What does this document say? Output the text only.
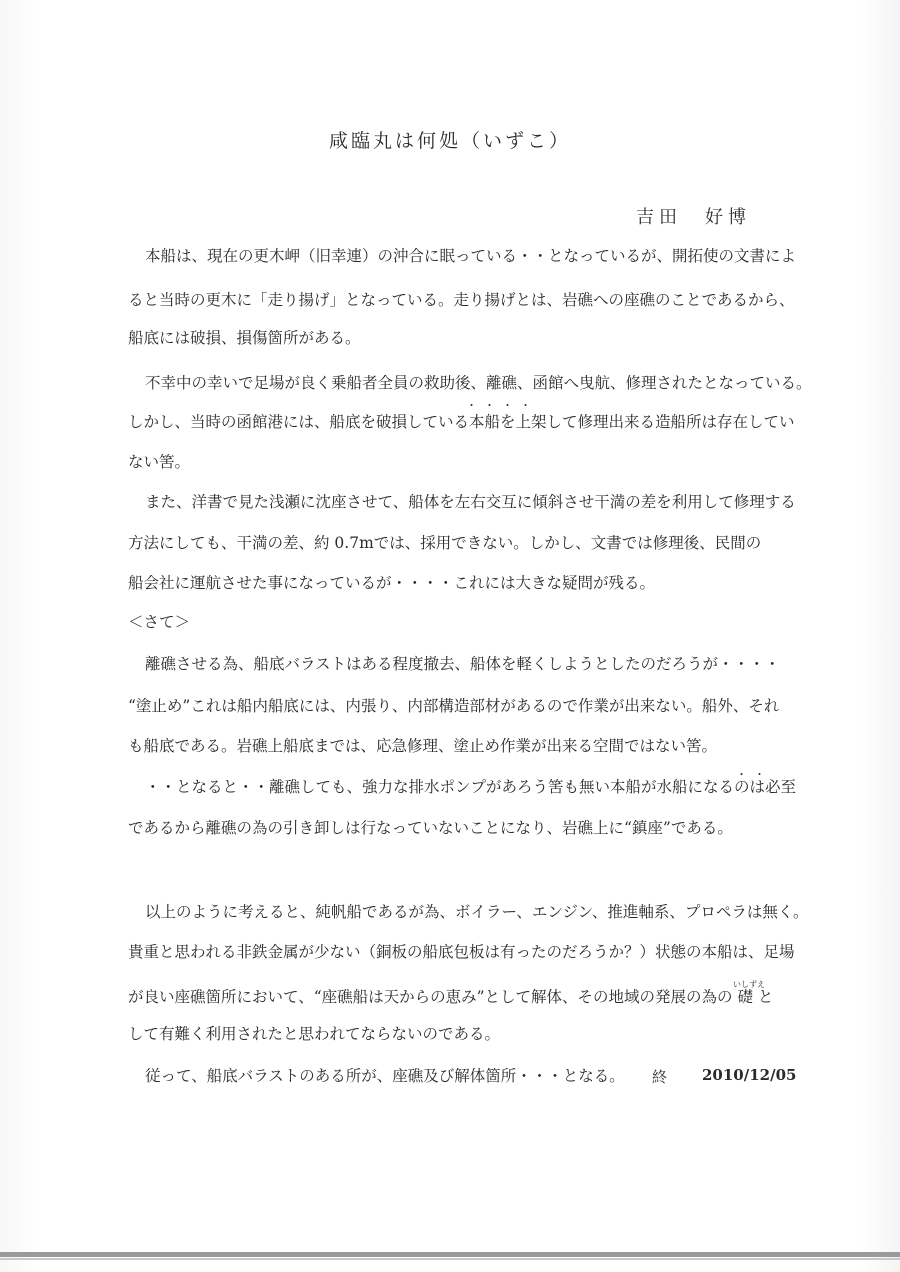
咸臨丸は何処（いずこ）
吉田　好博
本船は、現在の更木岬（旧幸連）の沖合に眠っている・・となっているが、開拓使の文書によ
ると当時の更木に「走り揚げ」となっている。走り揚げとは、岩礁への座礁のことであるから、
船底には破損、損傷箇所がある。
不幸中の幸いで足場が良く乗船者全員の救助後、離礁、函館へ曳航、修理されたとなっている。
・・・・
しかし、当時の函館港には、船底を破損している本船を上架して修理出来る造船所は存在してい
ない筈。
また、洋書で見た浅瀬に沈座させて、船体を左右交互に傾斜させ干満の差を利用して修理する
方法にしても、干満の差、約 0.7mでは、採用できない。しかし、文書では修理後、民間の
船会社に運航させた事になっているが・・・・これには大きな疑問が残る。
＜さて＞
離礁させる為、船底バラストはある程度撤去、船体を軽くしようとしたのだろうが・・・・
“塗止め”これは船内船底には、内張り、内部構造部材があるので作業が出来ない。船外、それ
も船底である。岩礁上船底までは、応急修理、塗止め作業が出来る空間ではない筈。
・・
・・となると・・離礁しても、強力な排水ポンプがあろう筈も無い本船が水船になるのは必至
であるから離礁の為の引き卸しは行なっていないことになり、岩礁上に“鎮座”である。
以上のように考えると、純帆船であるが為、ボイラー、エンジン、推進軸系、プロペラは無く。
貴重と思われる非鉄金属が少ない（銅板の船底包板は有ったのだろうか？）状態の本船は、足場
いしずえ
が良い座礁箇所において、“座礁船は天からの恵み”として解体、その地域の発展の為の 礎 と
して有難く利用されたと思われてならないのである。
従って、船底バラストのある所が、座礁及び解体箇所・・・となる。 終 2010/12/05
